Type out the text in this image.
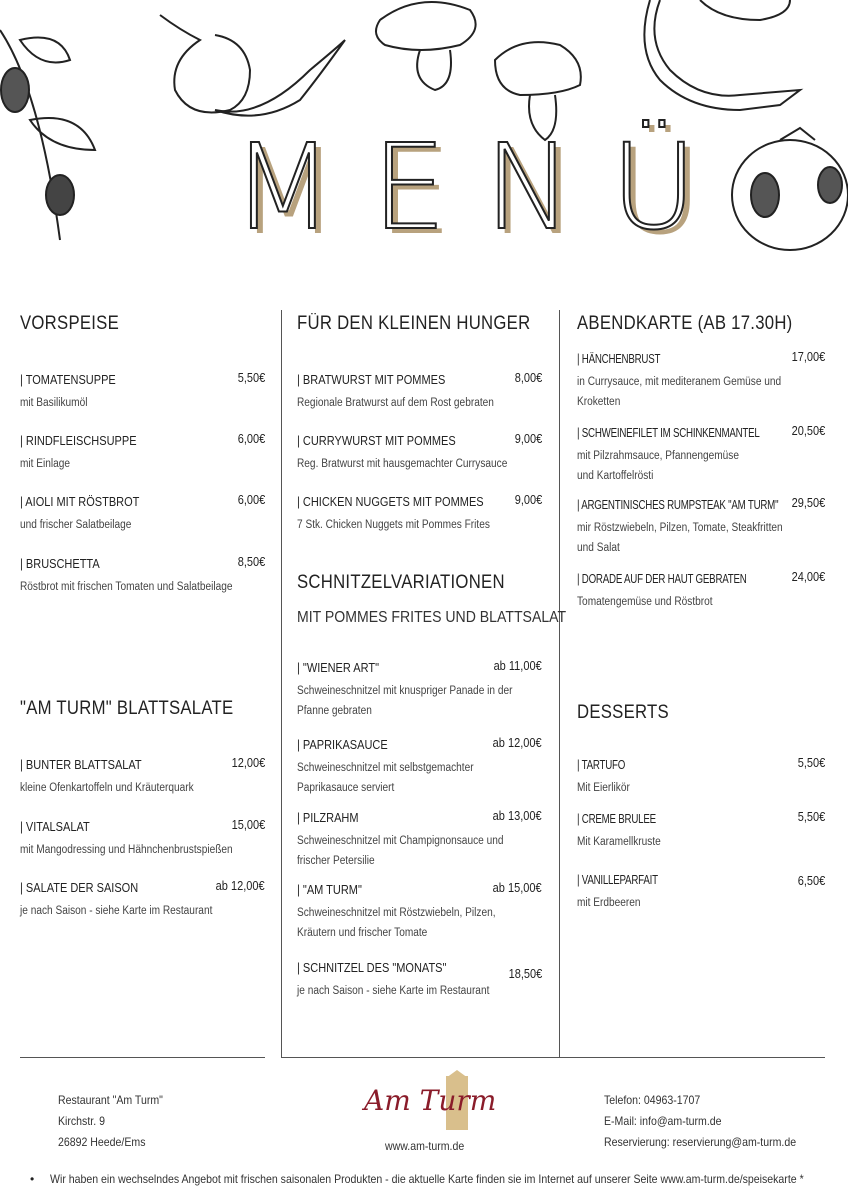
MENÜ
VORSPEISE
| TOMATENSUPPE	5,50€
mit Basilikumöl
| RINDFLEISCHSUPPE	6,00€
mit Einlage
| AIOLI MIT RÖSTBROT	6,00€
und frischer Salatbeilage
| BRUSCHETTA	8,50€
Röstbrot mit frischen Tomaten und Salatbeilage
"AM TURM" BLATTSALATE
| BUNTER BLATTSALAT	12,00€
kleine Ofenkartoffeln und Kräuterquark
| VITALSALAT	15,00€
mit Mangodressing und Hähnchenbrustspießen
| SALATE DER SAISON	ab 12,00€
je nach Saison - siehe Karte im Restaurant
FÜR DEN KLEINEN HUNGER
| BRATWURST MIT POMMES	8,00€
Regionale Bratwurst auf dem Rost gebraten
| CURRYWURST MIT POMMES	9,00€
Reg. Bratwurst mit hausgemachter Currysauce
| CHICKEN NUGGETS MIT POMMES 9,00€
7 Stk. Chicken Nuggets mit Pommes Frites
SCHNITZELVARIATIONEN
MIT POMMES FRITES UND BLATTSALAT
| "WIENER ART"	ab 11,00€
Schweineschnitzel mit knuspriger Panade in der
Pfanne gebraten
| PAPRIKASAUCE	ab 12,00€
Schweineschnitzel mit selbstgemachter
Paprikasauce serviert
| PILZRAHM	ab 13,00€
Schweineschnitzel mit Champignonsauce und
frischer Petersilie
| "AM TURM"	ab 15,00€
Schweineschnitzel mit Röstzwiebeln, Pilzen,
Kräutern und frischer Tomate
| SCHNITZEL DES "MONATS"	18,50€
je nach Saison - siehe Karte im Restaurant
ABENDKARTE (AB 17.30H)
| HÄNCHENBRUST	17,00€
in Currysauce, mit mediteranem Gemüse und
Kroketten
| SCHWEINEFILET IM SCHINKENMANTEL	20,50€
mit Pilzrahmsauce, Pfannengemüse
und Kartoffelrösti
| ARGENTINISCHES RUMPSTEAK "AM TURM" 29,50€
mir Röstzwiebeln, Pilzen, Tomate, Steakfritten
und Salat
| DORADE AUF DER HAUT GEBRATEN	24,00€
Tomatengemüse und Röstbrot
DESSERTS
| TARTUFO	5,50€
Mit Eierlikör
| CREME BRULEE	5,50€
Mit Karamellkruste
| VANILLEPARFAIT	6,50€
mit Erdbeeren
Restaurant "Am Turm"
Kirchstr. 9
26892 Heede/Ems
Am Turm
www.am-turm.de
Telefon: 04963-1707
E-Mail: info@am-turm.de
Reservierung: reservierung@am-turm.de
• Wir haben ein wechselndes Angebot mit frischen saisonalen Produkten - die aktuelle Karte finden sie im Internet auf unserer Seite www.am-turm.de/speisekarte *
